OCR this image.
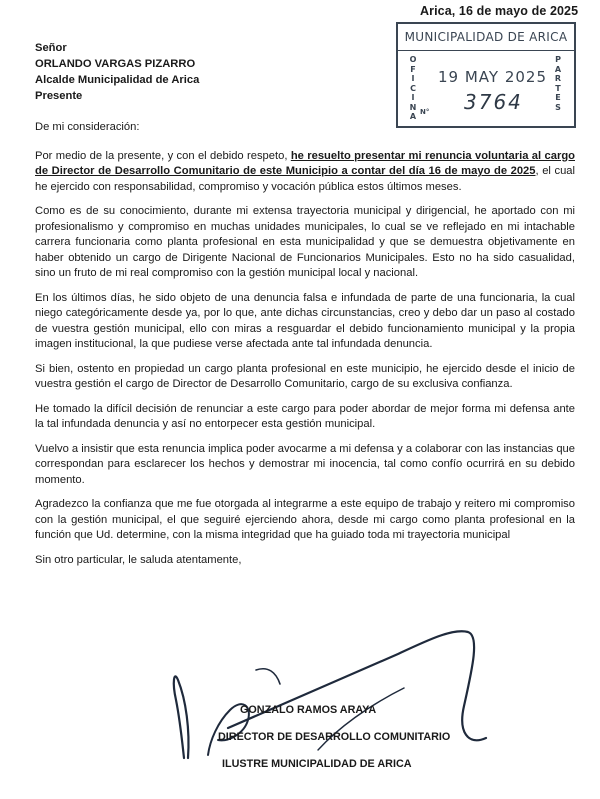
Arica, 16 de mayo de 2025
MUNICIPALIDAD DE ARICA
O
F
I
C
I
N
A
P
A
R
T
E
S
19 MAY 2025
N° 3764
Señor
ORLANDO VARGAS PIZARRO
Alcalde Municipalidad de Arica
Presente

De mi consideración:

Por medio de la presente, y con el debido respeto, he resuelto presentar mi renuncia voluntaria al cargo de Director de Desarrollo Comunitario de este Municipio a contar del día 16 de mayo de 2025, el cual he ejercido con responsabilidad, compromiso y vocación pública estos últimos meses.

Como es de su conocimiento, durante mi extensa trayectoria municipal y dirigencial, he aportado con mi profesionalismo y compromiso en muchas unidades municipales, lo cual se ve reflejado en mi intachable carrera funcionaria como planta profesional en esta municipalidad y que se demuestra objetivamente en haber obtenido un cargo de Dirigente Nacional de Funcionarios Municipales. Esto no ha sido casualidad, sino un fruto de mi real compromiso con la gestión municipal local y nacional.

En los últimos días, he sido objeto de una denuncia falsa e infundada de parte de una funcionaria, la cual niego categóricamente desde ya, por lo que, ante dichas circunstancias, creo y debo dar un paso al costado de vuestra gestión municipal, ello con miras a resguardar el debido funcionamiento municipal y la propia imagen institucional, la que pudiese verse afectada ante tal infundada denuncia.

Si bien, ostento en propiedad un cargo planta profesional en este municipio, he ejercido desde el inicio de vuestra gestión el cargo de Director de Desarrollo Comunitario, cargo de su exclusiva confianza.

He tomado la difícil decisión de renunciar a este cargo para poder abordar de mejor forma mi defensa ante la tal infundada denuncia y así no entorpecer esta gestión municipal.

Vuelvo a insistir que esta renuncia implica poder avocarme a mi defensa y a colaborar con las instancias que correspondan para esclarecer los hechos y demostrar mi inocencia, tal como confío ocurrirá en su debido momento.

Agradezco la confianza que me fue otorgada al integrarme a este equipo de trabajo y reitero mi compromiso con la gestión municipal, el que seguiré ejerciendo ahora, desde mi cargo como planta profesional en la función que Ud. determine, con la misma integridad que ha guiado toda mi trayectoria municipal

Sin otro particular, le saluda atentamente,

GONZALO RAMOS ARAYA
DIRECTOR DE DESARROLLO COMUNITARIO
ILUSTRE MUNICIPALIDAD DE ARICA
